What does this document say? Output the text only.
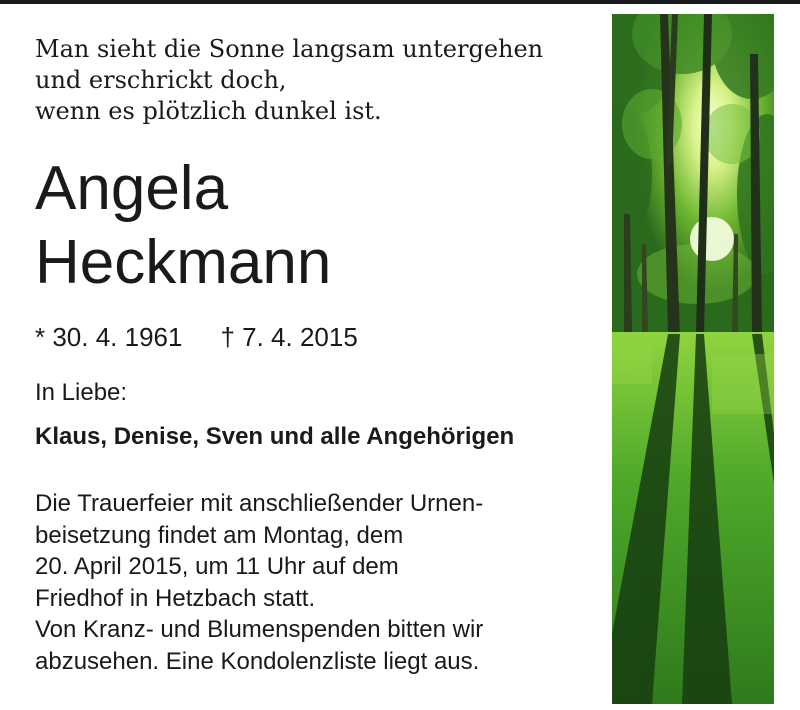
Man sieht die Sonne langsam untergehen
und erschrickt doch,
wenn es plötzlich dunkel ist.
Angela
Heckmann
* 30. 4. 1961 † 7. 4. 2015
In Liebe:
Klaus, Denise, Sven und alle Angehörigen
Die Trauerfeier mit anschließender Urnen-
beisetzung findet am Montag, dem
20. April 2015, um 11 Uhr auf dem
Friedhof in Hetzbach statt.
Von Kranz- und Blumenspenden bitten wir
abzusehen. Eine Kondolenzliste liegt aus.
